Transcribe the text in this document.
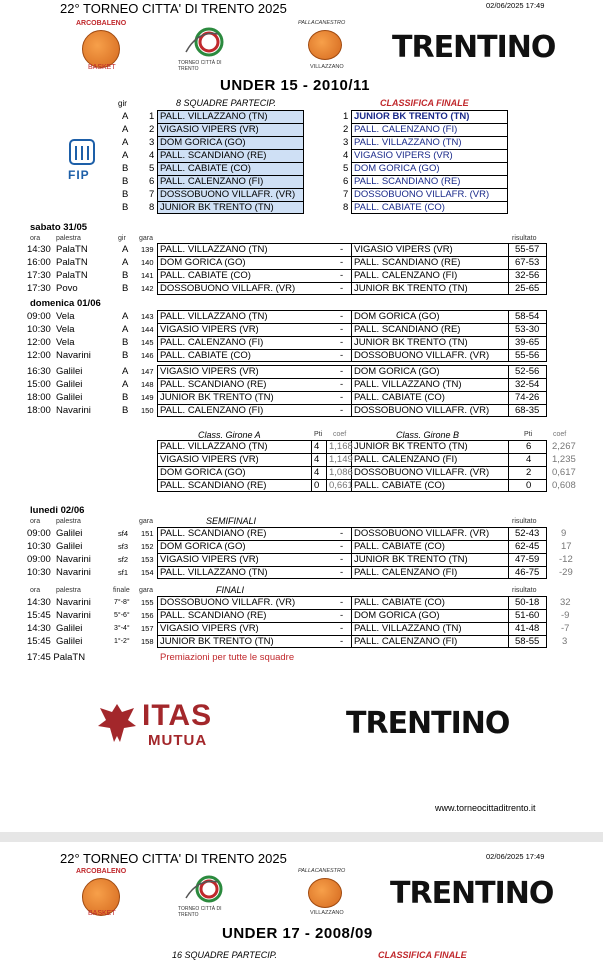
22° TORNEO CITTA' DI TRENTO 2025	02/06/2025 17:49
ARCOBALENO
BASKET
TORNEO CITTÀ DI TRENTO
PALLACANESTRO
VILLAZZANO
TRENTINO
UNDER 15 - 2010/11
FIP
gir	8 SQUADRE PARTECIP.	CLASSIFICA FINALE
A 1 PALL. VILLAZZANO (TN)
A 2 VIGASIO VIPERS (VR)
A 3 DOM GORICA (GO)
A 4 PALL. SCANDIANO (RE)
B 5 PALL. CABIATE (CO)
B 6 PALL. CALENZANO (FI)
B 7 DOSSOBUONO VILLAFR. (VR)
B 8 JUNIOR BK TRENTO (TN)
1 JUNIOR BK TRENTO (TN)
2 PALL. CALENZANO (FI)
3 PALL. VILLAZZANO (TN)
4 VIGASIO VIPERS (VR)
5 DOM GORICA (GO)
6 PALL. SCANDIANO (RE)
7 DOSSOBUONO VILLAFR. (VR)
8 PALL. CABIATE (CO)
sabato 31/05
ora palestra	gir gara	risultato
14:30 PalaTN	A 139 PALL. VILLAZZANO (TN)	- VIGASIO VIPERS (VR)	55-57
16:00 PalaTN	A 140 DOM GORICA (GO)	- PALL. SCANDIANO (RE)	67-53
17:30 PalaTN	B 141 PALL. CABIATE (CO)	- PALL. CALENZANO (FI)	32-56
17:30 Povo	B 142 DOSSOBUONO VILLAFR. (VR)	- JUNIOR BK TRENTO (TN)	25-65
domenica 01/06
09:00 Vela	A 143 PALL. VILLAZZANO (TN)	- DOM GORICA (GO)	58-54
10:30 Vela	A 144 VIGASIO VIPERS (VR)	- PALL. SCANDIANO (RE)	53-30
12:00 Vela	B 145 PALL. CALENZANO (FI)	- JUNIOR BK TRENTO (TN)	39-65
12:00 Navarini	B 146 PALL. CABIATE (CO)	- DOSSOBUONO VILLAFR. (VR)	55-56
16:30 Galilei	A 147 VIGASIO VIPERS (VR)	- DOM GORICA (GO)	52-56
15:00 Galilei	A 148 PALL. SCANDIANO (RE)	- PALL. VILLAZZANO (TN)	32-54
18:00 Galilei	B 149 JUNIOR BK TRENTO (TN)	- PALL. CABIATE (CO)	74-26
18:00 Navarini	B 150 PALL. CALENZANO (FI)	- DOSSOBUONO VILLAFR. (VR)	68-35
Class. Girone A	Pti coef	Class. Girone B	Pti	coef
PALL. VILLAZZANO (TN)	4 1,168 JUNIOR BK TRENTO (TN)	6 2,267
VIGASIO VIPERS (VR)	4 1,149 PALL. CALENZANO (FI)	4 1,235
DOM GORICA (GO)	4 1,086 DOSSOBUONO VILLAFR. (VR)	2 0,617
PALL. SCANDIANO (RE)	0 0,661 PALL. CABIATE (CO)	0 0,608
lunedi 02/06
ora palestra	gara	SEMIFINALI	risultato
09:00 Galilei	sf4 151 PALL. SCANDIANO (RE)	- DOSSOBUONO VILLAFR. (VR)	52-43 9
10:30 Galilei	sf3 152 DOM GORICA (GO)	- PALL. CABIATE (CO)	62-45 17
09:00 Navarini	sf2 153 VIGASIO VIPERS (VR)	- JUNIOR BK TRENTO (TN)	47-59 -12
10:30 Navarini	sf1 154 PALL. VILLAZZANO (TN)	- PALL. CALENZANO (FI)	46-75 -29
ora palestra	finale gara	FINALI	risultato
14:30 Navarini	7°-8° 155 DOSSOBUONO VILLAFR. (VR)	- PALL. CABIATE (CO)	50-18 32
15:45 Navarini	5°-6° 156 PALL. SCANDIANO (RE)	- DOM GORICA (GO)	51-60 -9
14:30 Galilei	3°-4° 157 VIGASIO VIPERS (VR)	- PALL. VILLAZZANO (TN)	41-48 -7
15:45 Galilei	1°-2° 158 JUNIOR BK TRENTO (TN)	- PALL. CALENZANO (FI)	58-55 3
17:45 PalaTN	Premiazioni per tutte le squadre
ITAS
MUTUA	TRENTINO
www.torneocittaditrento.it
22° TORNEO CITTA' DI TRENTO 2025	02/06/2025 17:49
ARCOBALENO
BASKET
TORNEO CITTÀ DI TRENTO
PALLACANESTRO
VILLAZZANO
TRENTINO
UNDER 17 - 2008/09
16 SQUADRE PARTECIP.	CLASSIFICA FINALE
